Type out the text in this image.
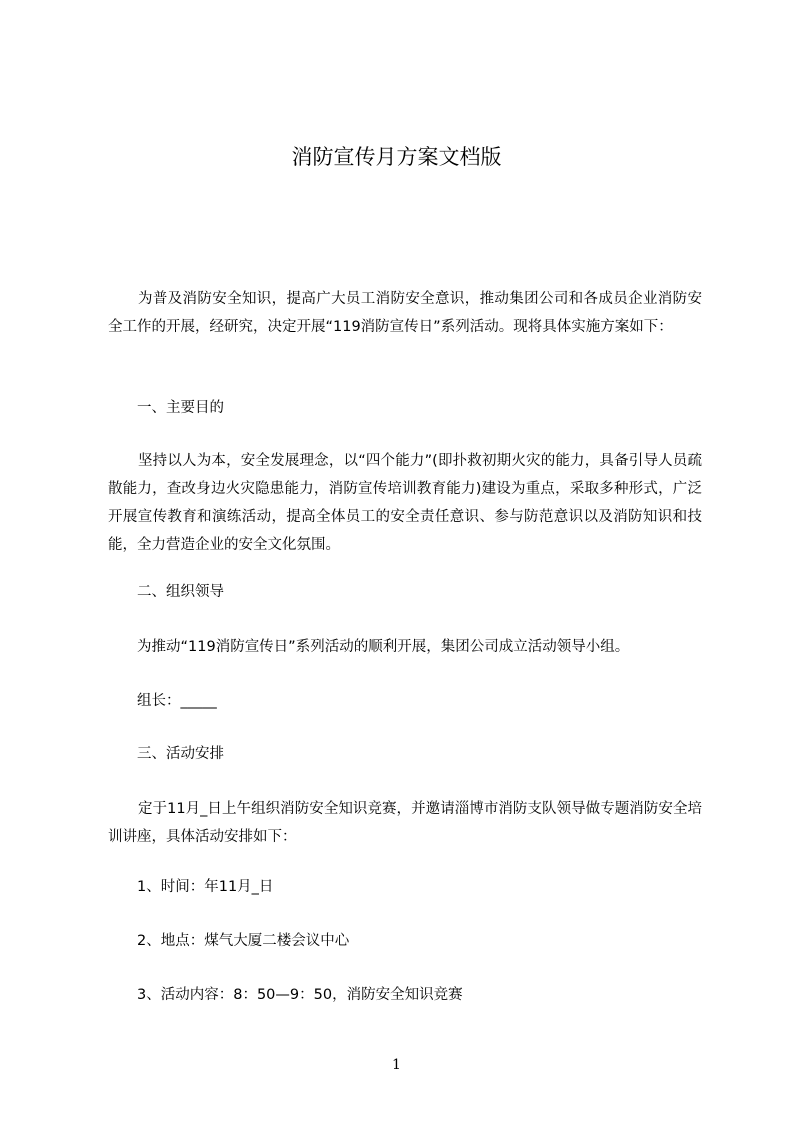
消防宣传月方案文档版

为普及消防安全知识，提高广大员工消防安全意识，推动集团公司和各成员企业消防安全工作的开展，经研究，决定开展“119消防宣传日”系列活动。现将具体实施方案如下：

一、主要目的

坚持以人为本，安全发展理念，以“四个能力”(即扑救初期火灾的能力，具备引导人员疏散能力，查改身边火灾隐患能力，消防宣传培训教育能力)建设为重点，采取多种形式，广泛开展宣传教育和演练活动，提高全体员工的安全责任意识、参与防范意识以及消防知识和技能，全力营造企业的安全文化氛围。

二、组织领导

为推动“119消防宣传日”系列活动的顺利开展，集团公司成立活动领导小组。

组长：_____

三、活动安排

定于11月_日上午组织消防安全知识竞赛，并邀请淄博市消防支队领导做专题消防安全培训讲座，具体活动安排如下：

1、时间：年11月_日

2、地点：煤气大厦二楼会议中心

3、活动内容：8：50—9：50，消防安全知识竞赛

1
